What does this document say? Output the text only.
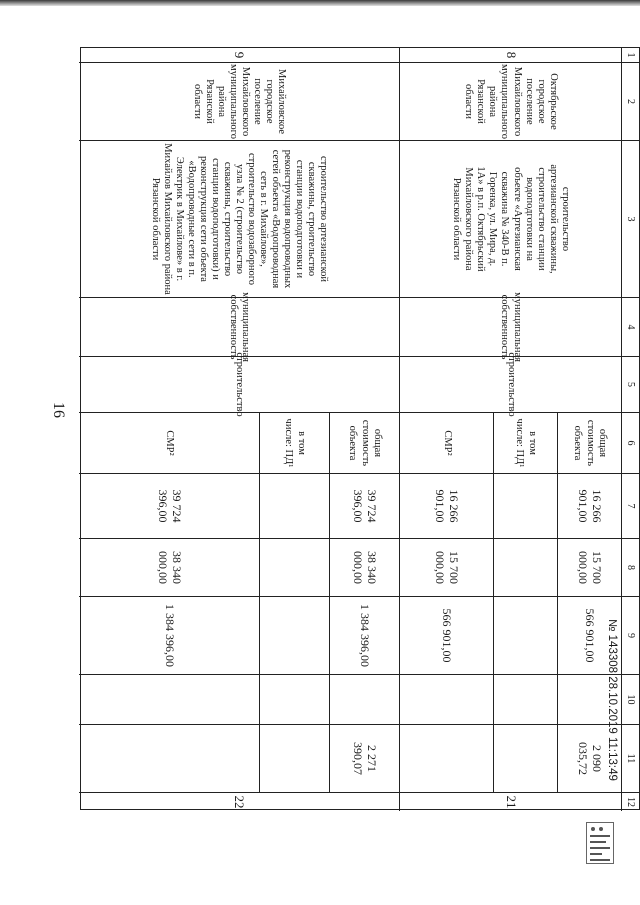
16
1
2
3
4
5
6
7
8
9
10
11
12
8
Октябрьское городское поселение Михайловского муниципального района Рязанской области
строительство артезианской скважины, строительство станции водоподготовки на объекте «Артезианская скважина № 340-В п. Горенка, ул. Мира, д. 1А» в р.п. Октябрьский Михайловского района Рязанской области
муниципальная собственность
строительство
общая стоимость объекта
в том числе: ПД¹
СМР²
16 266 901,00
16 266 901,00
15 700 000,00
15 700 000,00
566 901,00
566 901,00
2 090 035,72
21
9
Михайловское городское поселение Михайловского муниципального района Рязанской области
строительство артезианской скважины, строительство станции водоподготовки и реконструкция водопроводных сетей объекта «Водопроводная сеть в г. Михайлове», строительство водозаборного узла № 2 (строительство скважины, строительство станции водоподготовки) и реконструкция сети объекта «Водопроводные сети в п. Электрик в Михайлове» в г. Михайлов Михайловского района Рязанской области
муниципальная собственность
строительство
общая стоимость объекта
в том числе: ПД¹
СМР²
39 724 396,00
39 724 396,00
38 340 000,00
38 340 000,00
1 384 396,00
1 384 396,00
2 271 390,07
22
№ 143308 28.10.2019 11:13:49
